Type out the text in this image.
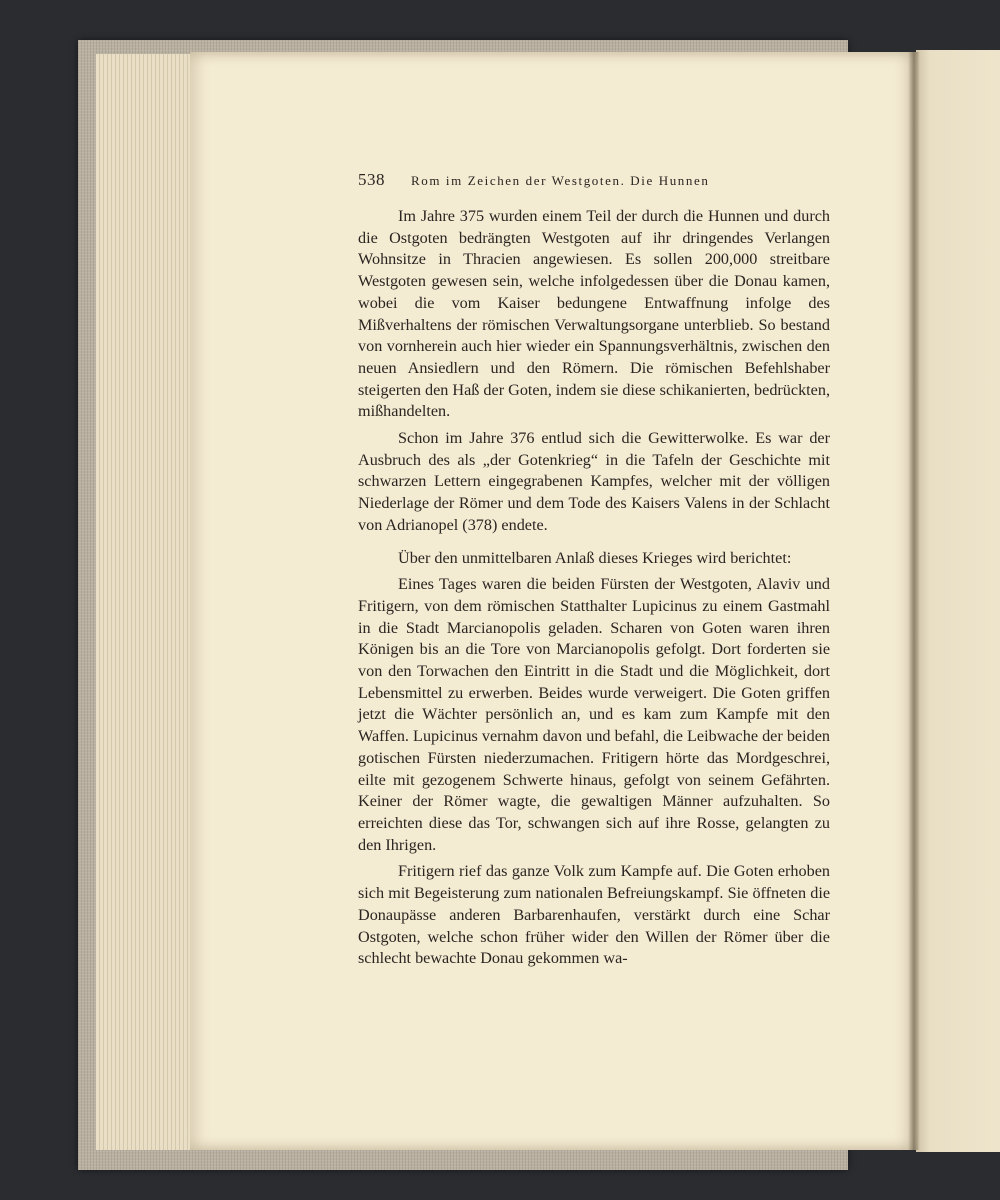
538 Rom im Zeichen der Westgoten. Die Hunnen

Im Jahre 375 wurden einem Teil der durch die Hunnen und durch die Ostgoten bedrängten Westgoten auf ihr dringendes Verlangen Wohnsitze in Thracien angewiesen. Es sollen 200,000 streitbare Westgoten gewesen sein, welche infolgedessen über die Donau kamen, wobei die vom Kaiser bedungene Entwaffnung infolge des Mißverhaltens der römischen Verwaltungsorgane unterblieb. So bestand von vornherein auch hier wieder ein Spannungsverhältnis, zwischen den neuen Ansiedlern und den Römern. Die römischen Befehlshaber steigerten den Haß der Goten, indem sie diese schikanierten, bedrückten, mißhandelten.

Schon im Jahre 376 entlud sich die Gewitterwolke. Es war der Ausbruch des als „der Gotenkrieg“ in die Tafeln der Geschichte mit schwarzen Lettern eingegrabenen Kampfes, welcher mit der völligen Niederlage der Römer und dem Tode des Kaisers Valens in der Schlacht von Adrianopel (378) endete.

Über den unmittelbaren Anlaß dieses Krieges wird berichtet:

Eines Tages waren die beiden Fürsten der Westgoten, Alaviv und Fritigern, von dem römischen Statthalter Lupicinus zu einem Gastmahl in die Stadt Marcianopolis geladen. Scharen von Goten waren ihren Königen bis an die Tore von Marcianopolis gefolgt. Dort forderten sie von den Torwachen den Eintritt in die Stadt und die Möglichkeit, dort Lebensmittel zu erwerben. Beides wurde verweigert. Die Goten griffen jetzt die Wächter persönlich an, und es kam zum Kampfe mit den Waffen. Lupicinus vernahm davon und befahl, die Leibwache der beiden gotischen Fürsten niederzumachen. Fritigern hörte das Mordgeschrei, eilte mit gezogenem Schwerte hinaus, gefolgt von seinem Gefährten. Keiner der Römer wagte, die gewaltigen Männer aufzuhalten. So erreichten diese das Tor, schwangen sich auf ihre Rosse, gelangten zu den Ihrigen.

Fritigern rief das ganze Volk zum Kampfe auf. Die Goten erhoben sich mit Begeisterung zum nationalen Befreiungskampf. Sie öffneten die Donaupässe anderen Barbarenhaufen, verstärkt durch eine Schar Ostgoten, welche schon früher wider den Willen der Römer über die schlecht bewachte Donau gekommen wa-
